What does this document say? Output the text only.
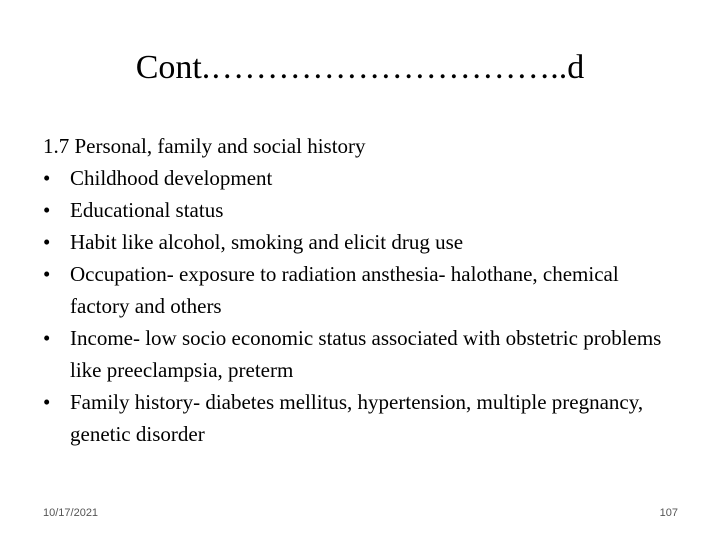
Cont.…………………………..d

1.7 Personal, family and social history

• Childhood development
• Educational status
• Habit like alcohol, smoking and elicit drug use
• Occupation- exposure to radiation ansthesia- halothane, chemical factory and others
• Income- low socio economic status associated with obstetric problems like preeclampsia, preterm
• Family history- diabetes mellitus, hypertension, multiple pregnancy, genetic disorder
10/17/2021	107
